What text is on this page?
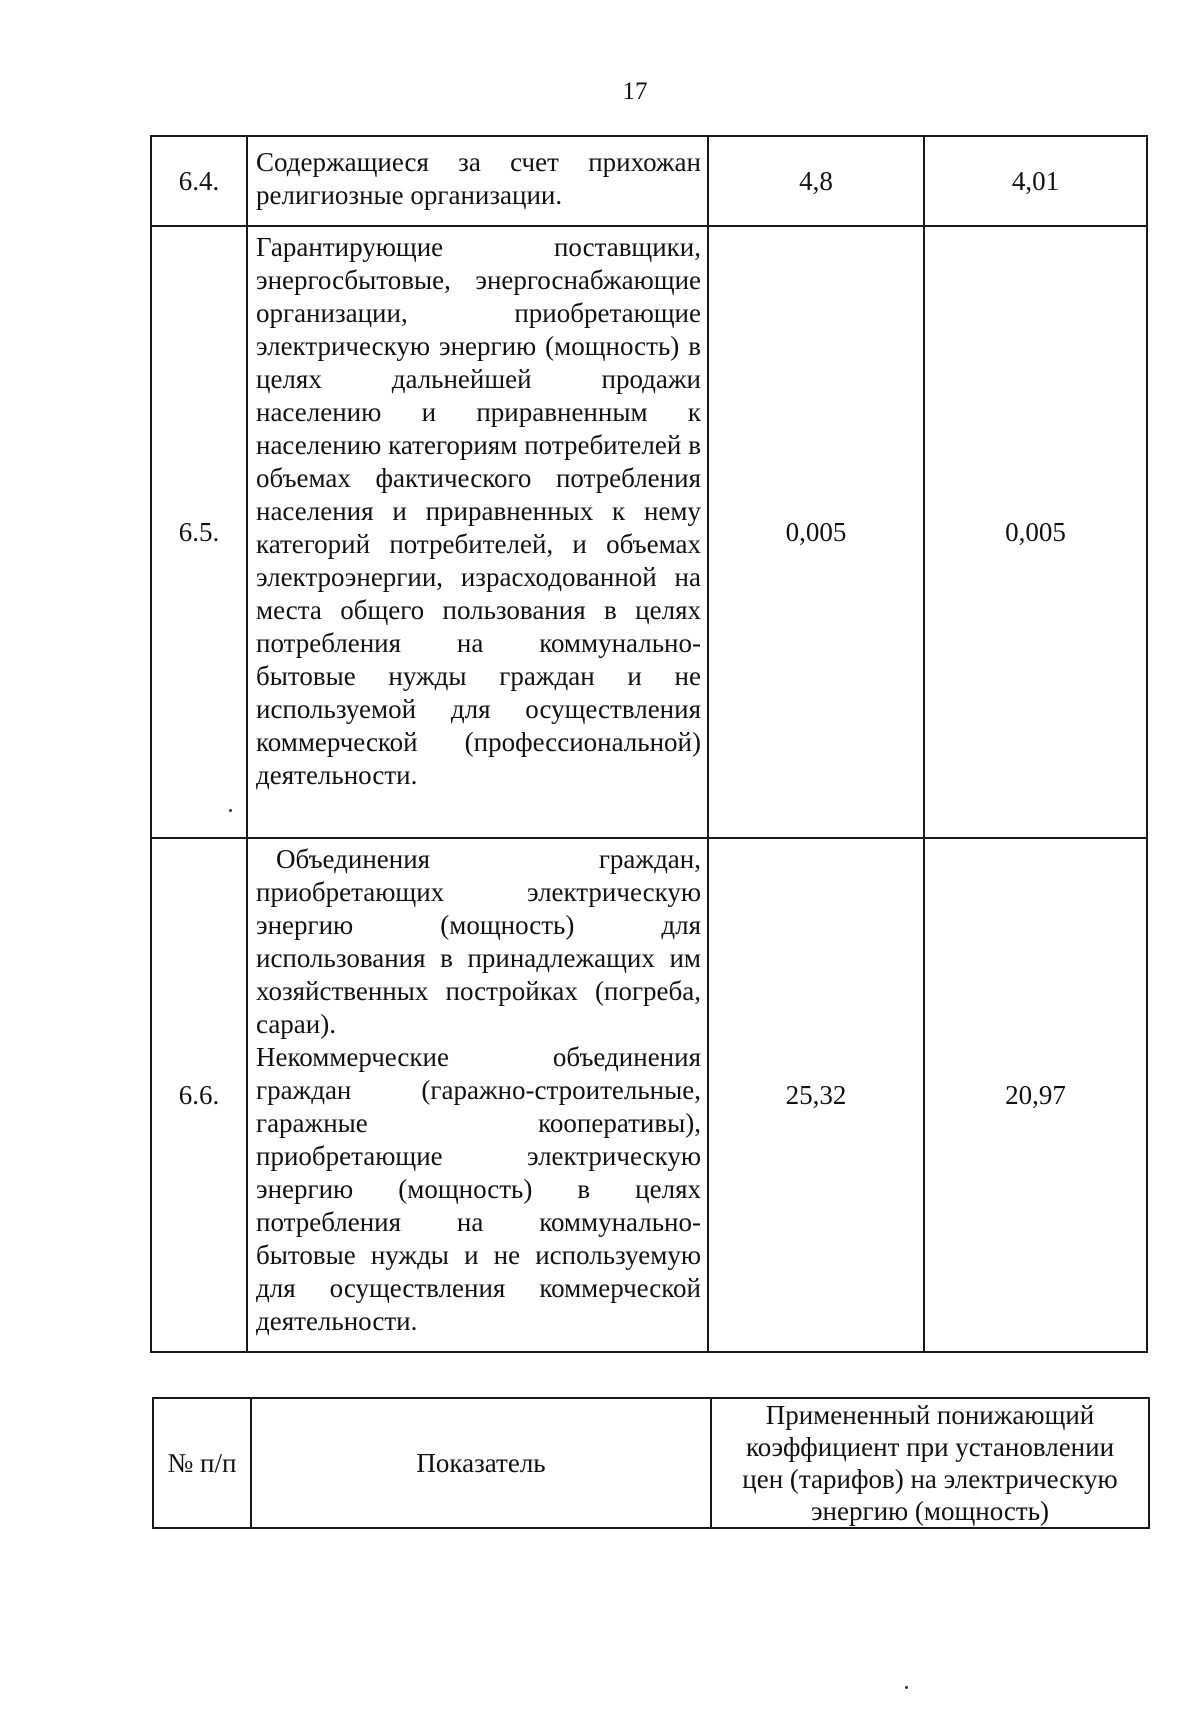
17
6.4.	Содержащиеся за счет прихожан религиозные организации.	4,8	4,01
6.5.	Гарантирующие поставщики, энергосбытовые, энергоснабжающие организации, приобретающие электрическую энергию (мощность) в целях дальнейшей продажи населению и приравненным к населению категориям потребителей в объемах фактического потребления населения и приравненных к нему категорий потребителей, и объемах электроэнергии, израсходованной на места общего пользования в целях потребления на коммунально-бытовые нужды граждан и не используемой для осуществления коммерческой (профессиональной) деятельности.	0,005	0,005
6.6.	Объединения граждан, приобретающих электрическую энергию (мощность) для использования в принадлежащих им хозяйственных постройках (погреба, сараи).

Некоммерческие объединения граждан (гаражно-строительные, гаражные кооперативы), приобретающие электрическую энергию (мощность) в целях потребления на коммунально-бытовые нужды и не используемую для осуществления коммерческой деятельности.	25,32	20,97
№ п/п	Показатель	Примененный понижающий коэффициент при установлении цен (тарифов) на электрическую энергию (мощность)
